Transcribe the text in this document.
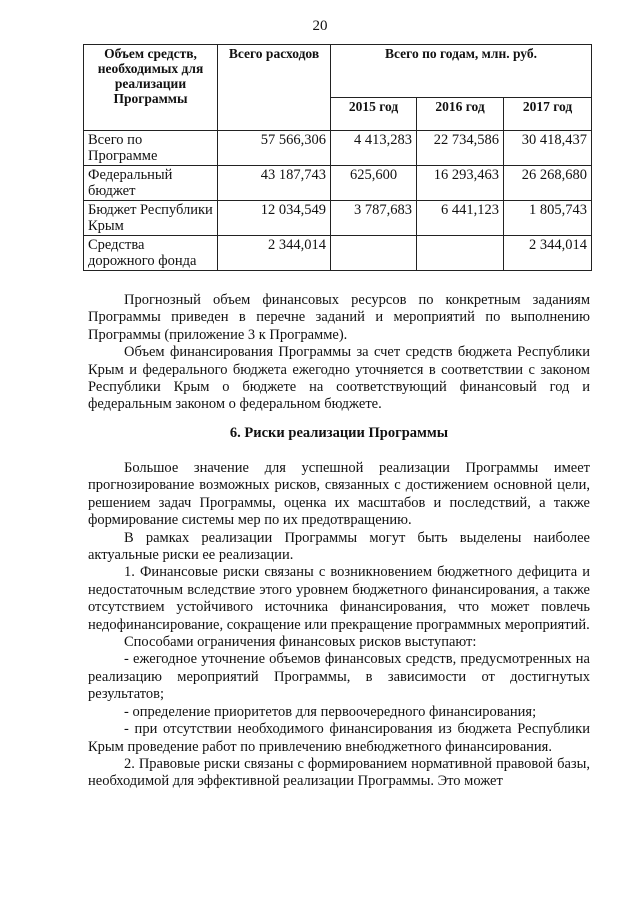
20
Объем средств, необходимых для реализации Программы	Всего расходов	Всего по годам, млн. руб.		
		2015 год	2016 год	2017 год
Всего по Программе	57 566,306	4 413,283	22 734,586	30 418,437
Федеральный бюджет	43 187,743	625,600	16 293,463	26 268,680
Бюджет Республики Крым	12 034,549	3 787,683	6 441,123	1 805,743
Средства дорожного фонда	2 344,014			2 344,014

Прогнозный объем финансовых ресурсов по конкретным заданиям Программы приведен в перечне заданий и мероприятий по выполнению Программы (приложение 3 к Программе).

Объем финансирования Программы за счет средств бюджета Республики Крым и федерального бюджета ежегодно уточняется в соответствии с законом Республики Крым о бюджете на соответствующий финансовый год и федеральным законом о федеральном бюджете.

6. Риски реализации Программы

Большое значение для успешной реализации Программы имеет прогнозирование возможных рисков, связанных с достижением основной цели, решением задач Программы, оценка их масштабов и последствий, а также формирование системы мер по их предотвращению.

В рамках реализации Программы могут быть выделены наиболее актуальные риски ее реализации.

1. Финансовые риски связаны с возникновением бюджетного дефицита и недостаточным вследствие этого уровнем бюджетного финансирования, а также отсутствием устойчивого источника финансирования, что может повлечь недофинансирование, сокращение или прекращение программных мероприятий.

Способами ограничения финансовых рисков выступают:

- ежегодное уточнение объемов финансовых средств, предусмотренных на реализацию мероприятий Программы, в зависимости от достигнутых результатов;

- определение приоритетов для первоочередного финансирования;

- при отсутствии необходимого финансирования из бюджета Республики Крым проведение работ по привлечению внебюджетного финансирования.

2. Правовые риски связаны с формированием нормативной правовой базы, необходимой для эффективной реализации Программы. Это может
